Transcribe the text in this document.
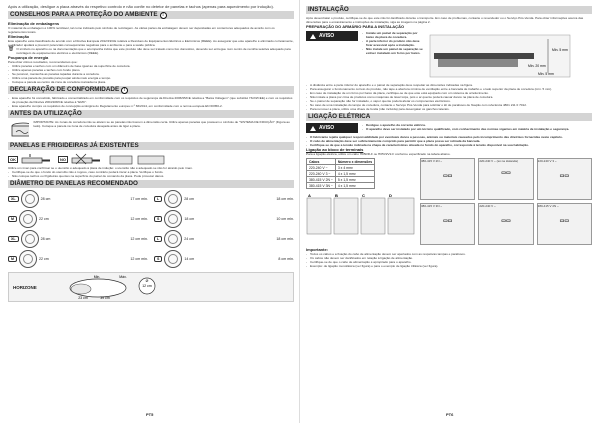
Após a utilização, desligue a placa através do respetivo controlo e não confie no detetor de panelas e tachos (apenas para aquecimento por indução).
CONSELHOS PARA A PROTEÇÃO DO AMBIENTE !
Eliminação de embalagens
O material de embalagem é 100% reciclável, tal como indicado pelo símbolo de reciclagem. As várias partes da embalagem devem ser depositadas em contentores adequados de acordo com os regulamentos locais.
Eliminação
Este aparelho está classificado de acordo com a Diretiva Europeia 2012/19/UE relativa a Resíduos de Equipamentos Elétricos e Eletrónicos (REEE). Ao assegurar que este aparelho é eliminado corretamente, o utilizador ajudará a prevenir potenciais consequências negativas para o ambiente e para a saúde pública.
🗑 O símbolo no aparelho ou na documentação que o acompanha indica que este produto não deve ser tratado como lixo doméstico, devendo ser entregue num centro de recolha seletiva adequado para reciclagem de equipamentos elétricos e eletrónicos (REEE).
Poupança de energia
Para obter ótimos resultados, recomendamos que:
- Utilize panelas e tachos com um diâmetro de base igual ao da superfície de cozedura.
- Utilize apenas panelas e tachos com fundo plano.
- Se possível, mantenha as panelas tapadas durante a cozedura.
- Utilize uma panela de pressão para poupar ainda mais energia e tempo.
- Coloque a panela ao centro da zona de cozedura marcada na placa.
DECLARAÇÃO DE CONFORMIDADE !
- Este aparelho foi concebido, fabricado e comercializado em conformidade com os requisitos de segurança da Diretiva 2006/95/CE relativa a "Baixa Voltagem" (que substitui 73/23/CEE) e com os requisitos de proteção da Diretiva 2004/108/CE relativa à "EMC".
- Este aparelho cumpre os requisitos de concepção ecológica do Regulamento europeu n.º 66/2014, em conformidade com a norma europeia EN 60350-2.
ANTES DA UTILIZAÇÃO
IMPORTANTE: As zonas de cozedura não se ativam se as panelas não tiverem a dimensão certa. Utilize apenas panelas que possuam o símbolo de "SISTEMA DE INDUÇÃO" (Figura ao lado). Coloque a panela na zona de cozedura desejada antes de ligar a placa.
PANELAS E FRIGIDEIRAS JÁ EXISTENTES
OK	NO
Utilize um íman para confirmar se o utensílio é adequado à placa de indução: o utensílio não é adequado se não for atraído pelo íman.
- Certifique-se de que o fundo do utensílio não é rugoso, caso contrário poderá riscar a placa. Verifique o fundo.
- Não coloque tachos ou frigideiras quentes na superfície do painel de comando da placa. Pode provocar danos.
DIÂMETRO DE PANELAS RECOMENDADO
XL	28 cm	17 cm min.	L	28 cm	18 cm min.
M	22 cm	12 cm min.	S	18 cm	10 cm min.
XL	28 cm	12 cm min.	L	24 cm	18 cm min.
M	22 cm	12 cm min.	S	14 cm	8 cm min.
HORIZONE
Min.	Máx.
23 cm	39 cm
12 cm
Ø
PT5
INSTALAÇÃO
Após desembalar o produto, certifique-se de que este não foi danificado durante o transporte. Em caso de problemas, contacte o revendedor ou o Serviço Pós-Venda. Para obter informações acerca das dimensões para o encastramento e instruções de instalação, siga as imagens na página 2.
PREPARAÇÃO DO ARMÁRIO PARA A INSTALAÇÃO
AVISO	- Instale um painel de separação por baixo da placa de cozedura.
- A parte inferior do produto não deve ficar acessível após a instalação.
- Não instale um painel de separação se estiver instalado um forno por baixo.
Min. 5 mm
Min. 20 mm
Min. 5 mm
- A distância entre a parte inferior do aparelho e o painel de separação deve respeitar as dimensões indicadas na figura.
- Para assegurar o funcionamento correto do produto, não tape a abertura mínima de ventilação entre a bancada de trabalho e o lado superior da placa de cozedura (mín. 5 mm).
- Em caso de instalação de um forno por baixo da placa, certifique-se de que este está equipado com um sistema de arrefecimento.
- Não instale a placa por cima de produtos como máquinas de lavar loiça, pois o ar quente poderá causar danos na placa de cozedura.
- Se o painel de separação não for instalado, o vapor quente poderá afetar os componentes eletrónicos.
- No caso de uma instalação do tampo de cozedura, contacte o Serviço Pós-Venda para solicitar o kit de parafusos de fixação com referência 4801 211 0 7012.
- Para remover a placa, utilize uma chave de fenda (não incluída) para desengatar os ganchos laterais.
LIGAÇÃO ELÉTRICA
AVISO	- Desligue o aparelho da corrente elétrica.
- O aparelho deve ser instalado por um técnico qualificado, com conhecimento das normas vigentes em matéria de instalação e segurança.
- O fabricante rejeita qualquer responsabilidade por eventuais danos a pessoas, animais ou materiais causados pelo incumprimento das diretrizes fornecidas neste capítulo.
- O cabo de alimentação deve ser suficientemente comprido para permitir que a placa possa ser retirada da bancada.
- Certifique-se de que a tensão indicada na chapa de características situada no fundo do aparelho, corresponde à tensão disponível na sua habitação.
Ligação ao bloco de terminais
Para a ligação elétrica, utilize um cabo H05RR-F ou H05V2V2-F conforme especificado na tabela abaixo.
Cabos	Número x dimensões
220-240 V ~	3 x 4 mm²
220-240 V 3 ~	4 x 1,5 mm²
380-415 V 2N ~	5 x 1,5 mm²
380-415 V 3N ~	4 x 1,5 mm²
A	B	C	D
380-415 V 2N ~
▭▭
220-240 V ~ (só na Holanda)
▭▭
220-240 V 3 ~
▭▭
380-415 V 3N ~
▭▭
220-240 V ~
▭▭
380-415 V 2N ~
▭▭
Importante:
- Todos os cabos e a fixação do cabo de alimentação devem ser apertados com as respetivas tampas e parafusos.
- Os cabos não devem ser danificados em relação à ligação de alimentação.
- Certifique-se de que o cabo de alimentação é apropriado para o aparelho.
- Exemplo: de ligação monofásica (ver figura) e para o exemplo de ligação trifásica (ver figura).
PT6
